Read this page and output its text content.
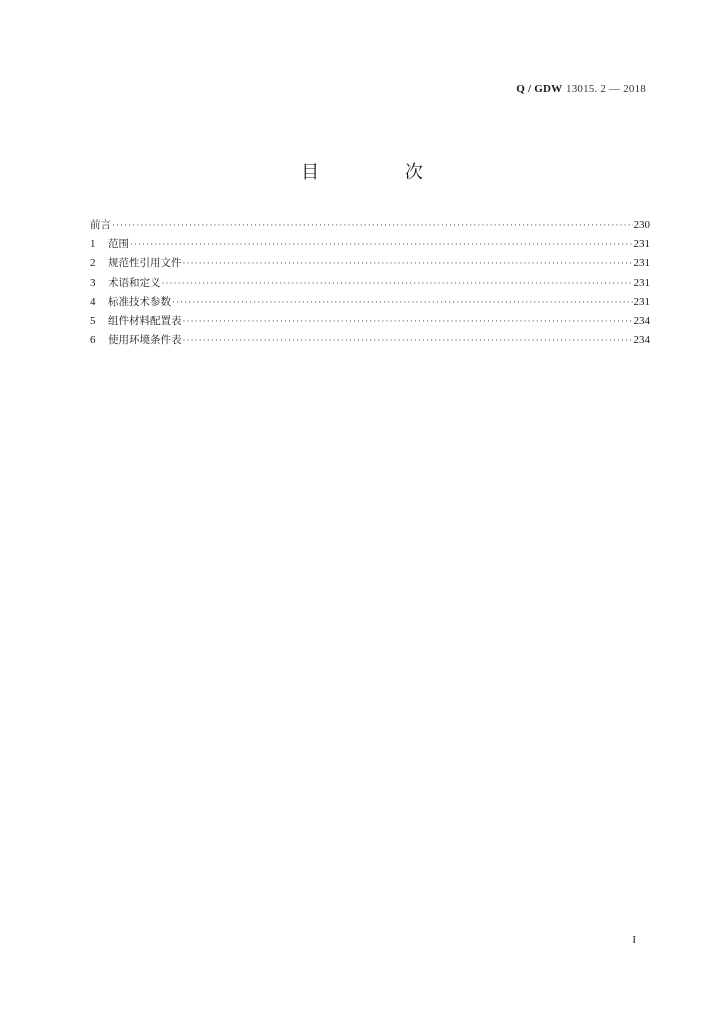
Q / GDW 13015. 2 — 2018
目 次
前言 ·····	230
1	范围 ·····	231
2	规范性引用文件 ·····	231
3	术语和定义 ·····	231
4	标准技术参数 ·····	231
5	组件材料配置表 ·····	234
6	使用环境条件表 ·····	234
I
